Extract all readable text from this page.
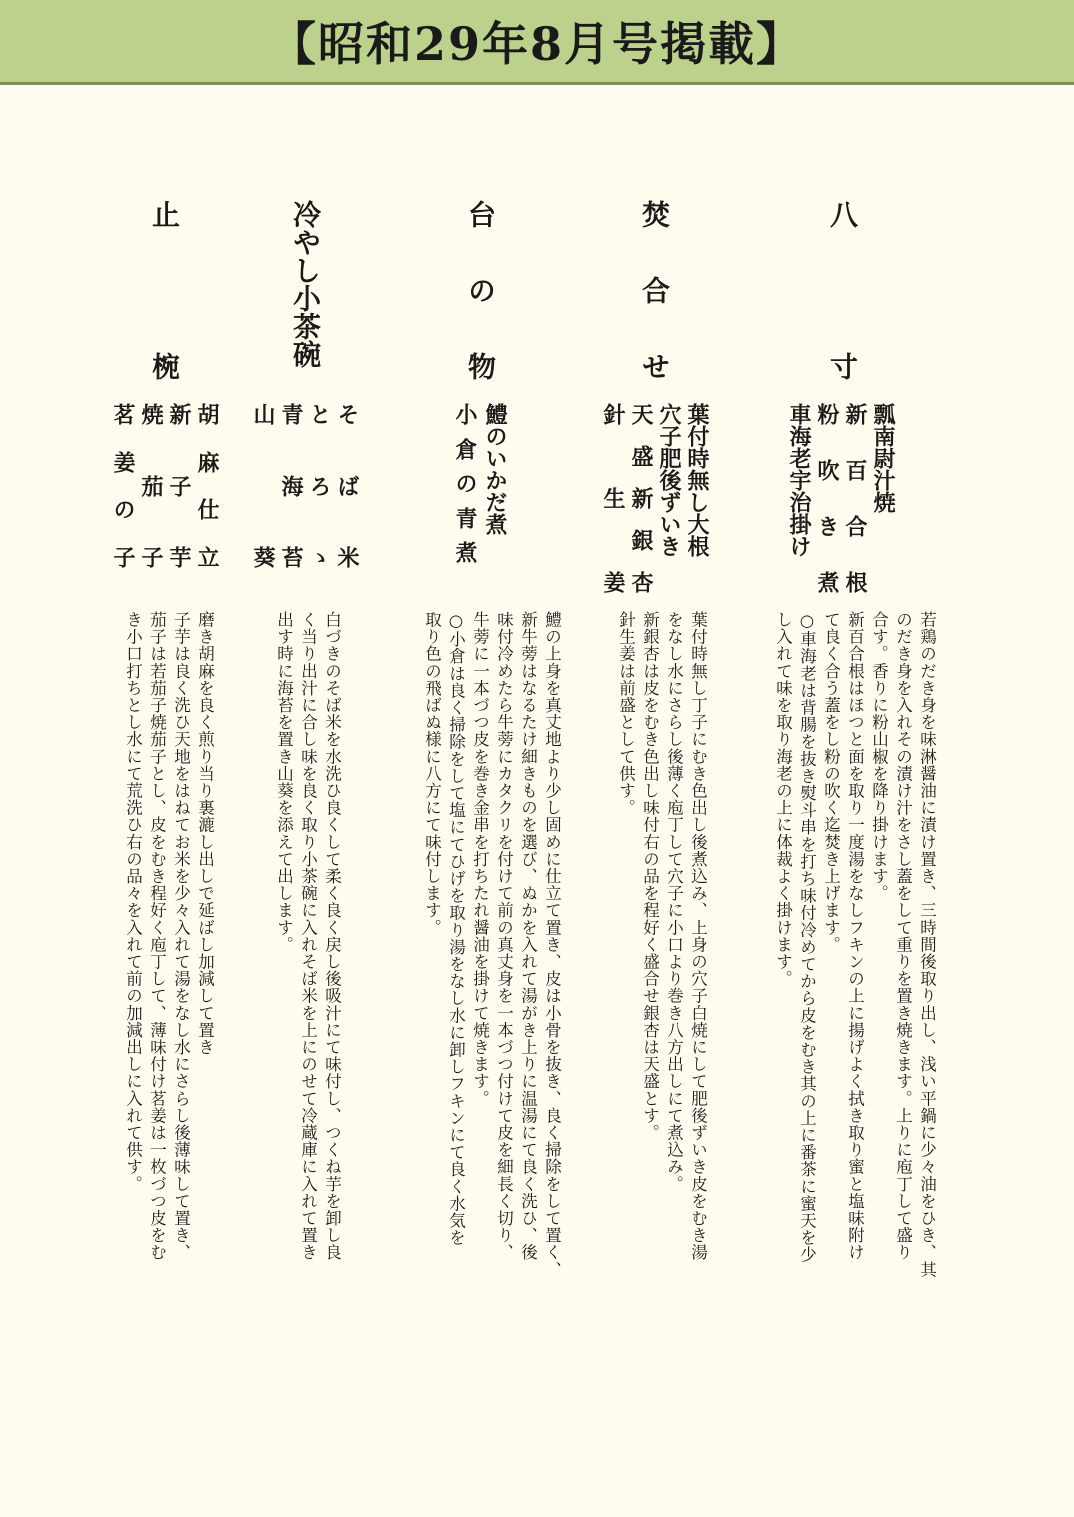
【昭和29年8月号掲載】
八
寸
瓢南尉汁焼
新
百
合
根
粉
吹
き
煮
車海老宇治掛け
若鶏のだき身を味淋醤油に漬け置き、三時間後取り出し、浅い平鍋に少々油をひき、其
のだき身を入れその漬け汁をさし蓋をして重りを置き焼きます。上りに庖丁して盛り
合す。香りに粉山椒を降り掛けます。
新百合根はほつと面を取り一度湯をなしフキンの上に揚げよく拭き取り蜜と塩味附け
て良く合う蓋をし粉の吹く迄焚き上げます。
○車海老は背腸を抜き熨斗串を打ち味付冷めてから皮をむき其の上に番茶に蜜天を少
し入れて味を取り海老の上に体裁よく掛けます。
焚
合
せ
葉付時無し大根
穴子肥後ずいき
天
盛
新
銀
杏
針
生
姜
葉付時無し丁子にむき色出し後煮込み、上身の穴子白焼にして肥後ずいき皮をむき湯
をなし水にさらし後薄く庖丁して穴子に小口より巻き八方出しにて煮込み。
新銀杏は皮をむき色出し味付右の品を程好く盛合せ銀杏は天盛とす。
針生姜は前盛として供す。
台
の
物
鱧のいかだ煮
小
倉
の
青
煮
鱧の上身を真丈地より少し固めに仕立て置き、皮は小骨を抜き、良く掃除をして置く、
新牛蒡はなるたけ細きものを選び、ぬかを入れて湯がき上りに温湯にて良く洗ひ、後
味付冷めたら牛蒡にカタクリを付けて前の真丈身を一本づつ付けて皮を細長く切り、
牛蒡に一本づつ皮を巻き金串を打ちたれ醤油を掛けて焼きます。
○小倉は良く掃除をして塩にてひげを取り湯をなし水に卸しフキンにて良く水気を
取り色の飛ばぬ様に八方にて味付します。
冷やし小茶碗
そ
ば
米
と
ろ
ゝ
青
海
苔
山
葵
白づきのそば米を水洗ひ良くして柔く良く戻し後吸汁にて味付し、つくね芋を卸し良
く当り出汁に合し味を良く取り小茶碗に入れそば米を上にのせて冷蔵庫に入れて置き
出す時に海苔を置き山葵を添えて出します。
止
椀
胡
麻
仕
立
新
子
芋
焼
茄
子
茗
姜
の
子
磨き胡麻を良く煎り当り裏漉し出しで延ばし加減して置き
子芋は良く洗ひ天地をはねてお米を少々入れて湯をなし水にさらし後薄味して置き、
茄子は若茄子焼茄子とし、皮をむき程好く庖丁して、薄味付け茗姜は一枚づつ皮をむ
き小口打ちとし水にて荒洗ひ右の品々を入れて前の加減出しに入れて供す。
